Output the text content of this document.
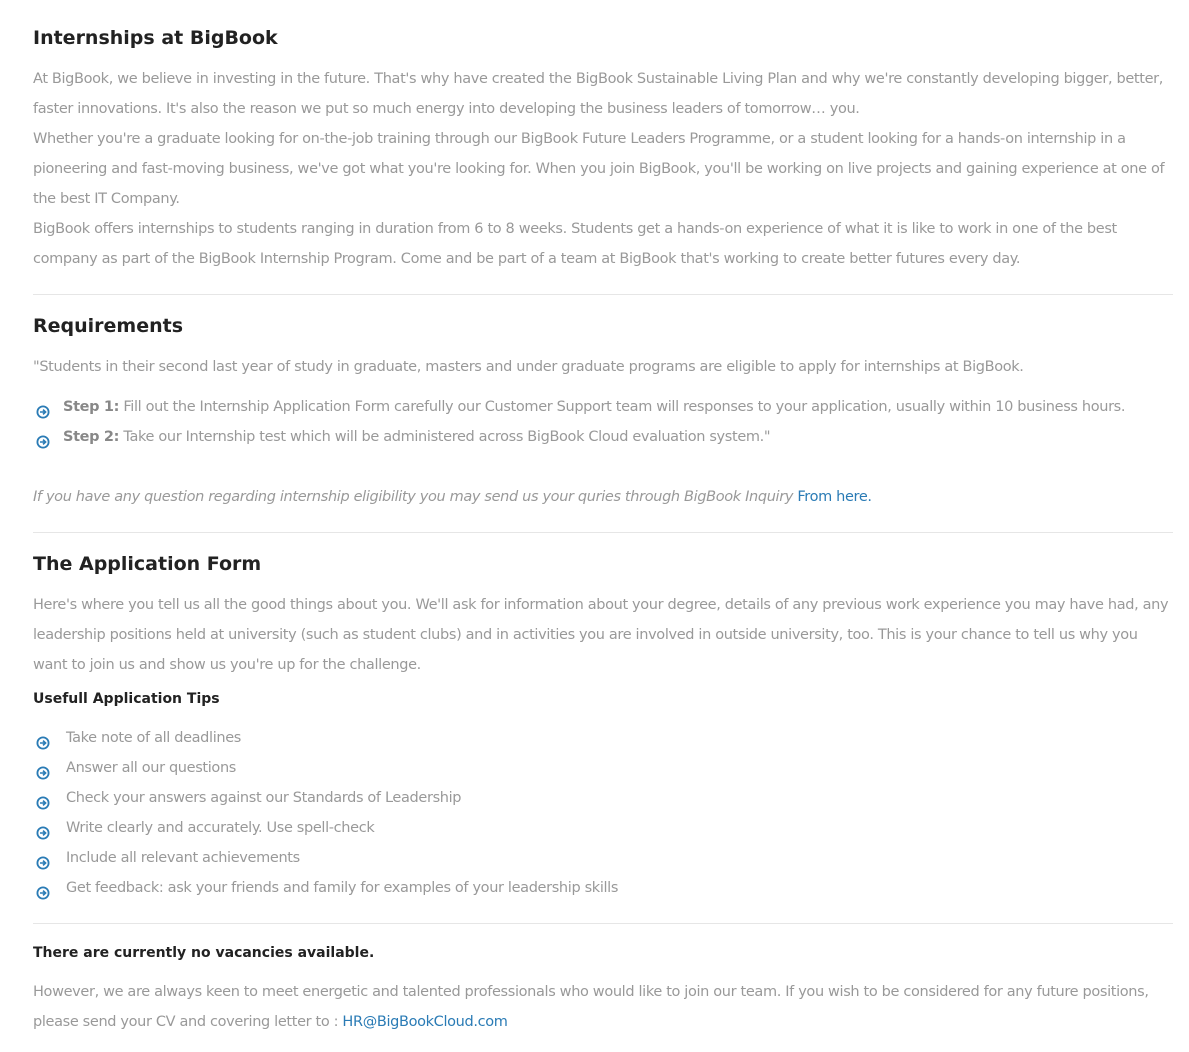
Internships at BigBook

At BigBook, we believe in investing in the future. That's why have created the BigBook Sustainable Living Plan and why we're constantly developing bigger, better, faster innovations. It's also the reason we put so much energy into developing the business leaders of tomorrow… you.

Whether you're a graduate looking for on-the-job training through our BigBook Future Leaders Programme, or a student looking for a hands-on internship in a pioneering and fast-moving business, we've got what you're looking for. When you join BigBook, you'll be working on live projects and gaining experience at one of the best IT Company.

BigBook offers internships to students ranging in duration from 6 to 8 weeks. Students get a hands-on experience of what it is like to work in one of the best company as part of the BigBook Internship Program. Come and be part of a team at BigBook that's working to create better futures every day.

Requirements

"Students in their second last year of study in graduate, masters and under graduate programs are eligible to apply for internships at BigBook.

Step 1: Fill out the Internship Application Form carefully our Customer Support team will responses to your application, usually within 10 business hours.
Step 2: Take our Internship test which will be administered across BigBook Cloud evaluation system."

If you have any question regarding internship eligibility you may send us your quries through BigBook Inquiry From here.

The Application Form

Here's where you tell us all the good things about you. We'll ask for information about your degree, details of any previous work experience you may have had, any leadership positions held at university (such as student clubs) and in activities you are involved in outside university, too. This is your chance to tell us why you want to join us and show us you're up for the challenge.

Usefull Application Tips
Take note of all deadlines
Answer all our questions
Check your answers against our Standards of Leadership
Write clearly and accurately. Use spell-check
Include all relevant achievements
Get feedback: ask your friends and family for examples of your leadership skills
There are currently no vacancies available.

However, we are always keen to meet energetic and talented professionals who would like to join our team. If you wish to be considered for any future positions, please send your CV and covering letter to : HR@BigBookCloud.com
